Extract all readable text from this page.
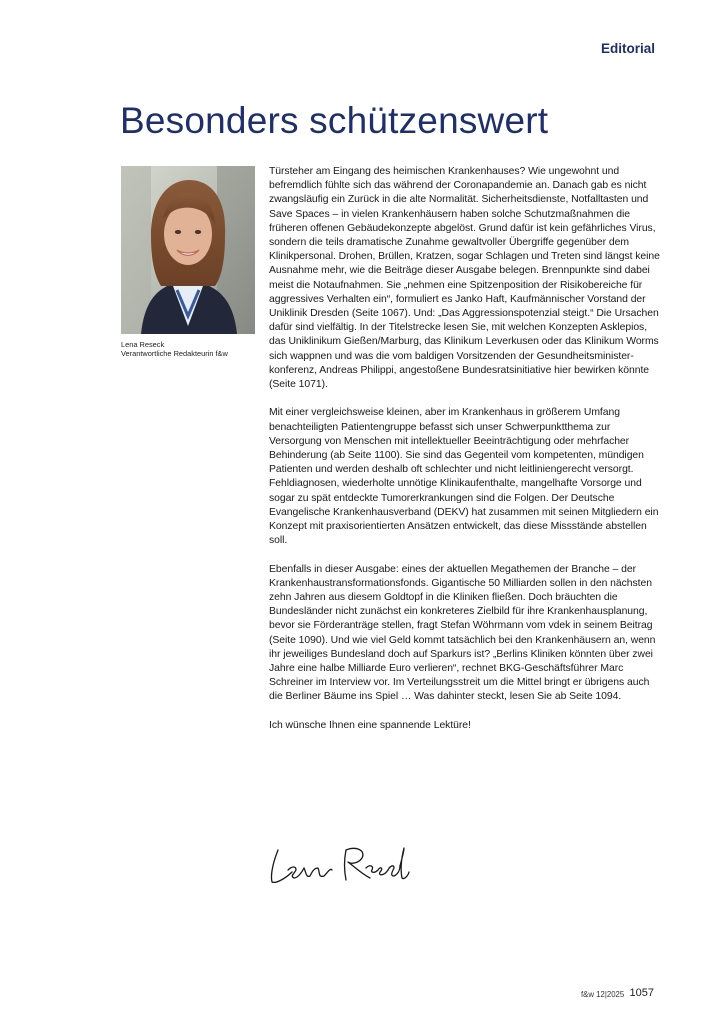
Editorial
Besonders schützenswert
Lena Reseck
Verantwortliche Redakteurin f&w

Türsteher am Eingang des heimischen Krankenhauses? Wie ungewohnt und befremdlich fühlte sich das während der Coronapandemie an. Danach gab es nicht zwangsläufig ein Zurück in die alte Normalität. Sicherheitsdienste, Notfalltasten und Save Spaces – in vielen Krankenhäusern haben solche Schutzmaßnahmen die früheren offenen Gebäudekonzepte abgelöst. Grund dafür ist kein gefährliches Virus, sondern die teils dramatische Zunahme gewaltvoller Übergriffe gegenüber dem Klinikpersonal. Drohen, Brüllen, Kratzen, sogar Schlagen und Treten sind längst keine Ausnahme mehr, wie die Beiträge dieser Ausgabe belegen. Brennpunkte sind dabei meist die Notaufnahmen. Sie „nehmen eine Spitzenposition der Risikobereiche für aggressives Verhalten ein“, formuliert es Janko Haft, Kaufmännischer Vorstand der Uniklinik Dresden (Seite 1067). Und: „Das Aggressionspotenzial steigt.“ Die Ursachen dafür sind vielfältig. In der Titelstrecke lesen Sie, mit welchen Konzepten Asklepios, das Uniklinikum Gießen/Marburg, das Klinikum Leverkusen oder das Klinikum Worms sich wappnen und was die vom baldigen Vorsitzenden der Gesundheitsministerkonferenz, Andreas Philippi, angestoßene Bundesratsinitiative hier bewirken könnte (Seite 1071).

Mit einer vergleichsweise kleinen, aber im Krankenhaus in größerem Umfang benachteiligten Patientengruppe befasst sich unser Schwerpunktthema zur Versorgung von Menschen mit intellektueller Beeinträchtigung oder mehrfacher Behinderung (ab Seite 1100). Sie sind das Gegenteil vom kompetenten, mündigen Patienten und werden deshalb oft schlechter und nicht leitliniengerecht versorgt. Fehldiagnosen, wiederholte unnötige Klinikaufenthalte, mangelhafte Vorsorge und sogar zu spät entdeckte Tumorerkrankungen sind die Folgen. Der Deutsche Evangelische Krankenhausverband (DEKV) hat zusammen mit seinen Mitgliedern ein Konzept mit praxisorientierten Ansätzen entwickelt, das diese Missstände abstellen soll.

Ebenfalls in dieser Ausgabe: eines der aktuellen Megathemen der Branche – der Krankenhaustransformationsfonds. Gigantische 50 Milliarden sollen in den nächsten zehn Jahren aus diesem Goldtopf in die Kliniken fließen. Doch bräuchten die Bundesländer nicht zunächst ein konkreteres Zielbild für ihre Krankenhausplanung, bevor sie Förderanträge stellen, fragt Stefan Wöhrmann vom vdek in seinem Beitrag (Seite 1090). Und wie viel Geld kommt tatsächlich bei den Krankenhäusern an, wenn ihr jeweiliges Bundesland doch auf Sparkurs ist? „Berlins Kliniken könnten über zwei Jahre eine halbe Milliarde Euro verlieren“, rechnet BKG-Geschäftsführer Marc Schreiner im Interview vor. Im Verteilungsstreit um die Mittel bringt er übrigens auch die Berliner Bäume ins Spiel … Was dahinter steckt, lesen Sie ab Seite 1094.

Ich wünsche Ihnen eine spannende Lektüre!

f&w 12|2025 1057
